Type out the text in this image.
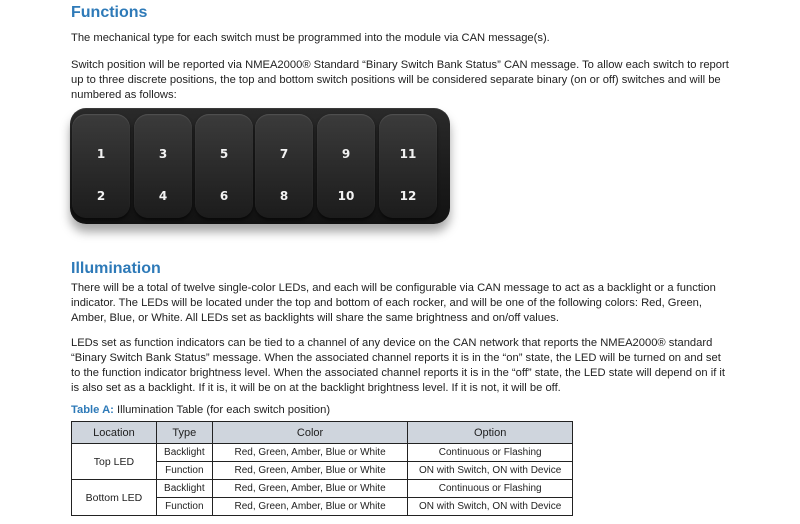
Functions

The mechanical type for each switch must be programmed into the module via CAN message(s).

Switch position will be reported via NMEA2000® Standard “Binary Switch Bank Status” CAN message. To allow each switch to report up to three discrete positions, the top and bottom switch positions will be considered separate binary (on or off) switches and will be numbered as follows:

1
2
3
4
5
6
7
8
9
10
11
12
Illumination

There will be a total of twelve single-color LEDs, and each will be configurable via CAN message to act as a backlight or a function indicator. The LEDs will be located under the top and bottom of each rocker, and will be one of the following colors: Red, Green, Amber, Blue, or White. All LEDs set as backlights will share the same brightness and on/off values.

LEDs set as function indicators can be tied to a channel of any device on the CAN network that reports the NMEA2000® standard “Binary Switch Bank Status” message. When the associated channel reports it is in the “on” state, the LED will be turned on and set to the function indicator brightness level. When the associated channel reports it is in the “off” state, the LED state will depend on if it is also set as a backlight. If it is, it will be on at the backlight brightness level. If it is not, it will be off.

Table A: Illumination Table (for each switch position)

Location	Type	Color	Option
Top LED	Backlight	Red, Green, Amber, Blue or White	Continuous or Flashing
	Function	Red, Green, Amber, Blue or White	ON with Switch, ON with Device
Bottom LED	Backlight	Red, Green, Amber, Blue or White	Continuous or Flashing
	Function	Red, Green, Amber, Blue or White	ON with Switch, ON with Device
